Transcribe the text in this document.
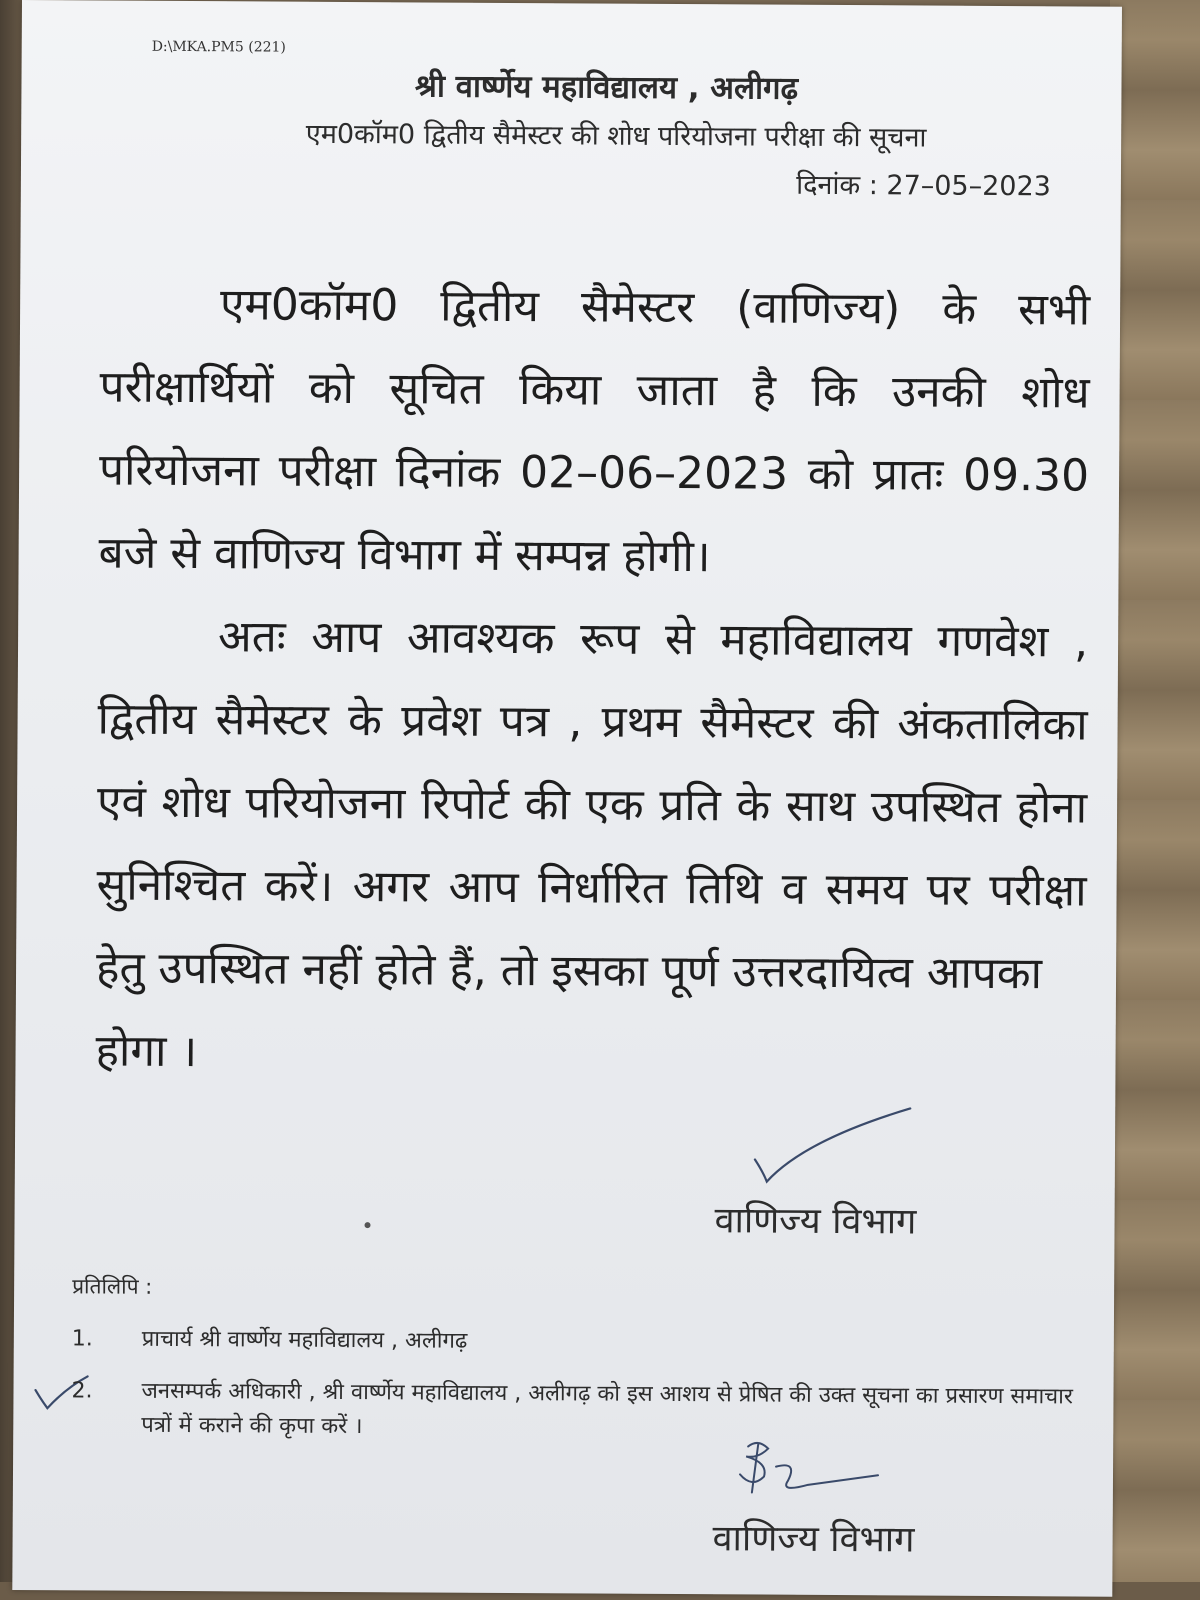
D:\MKA.PM5 (221)
श्री वार्ष्णेय महाविद्यालय , अलीगढ़
एम0कॉम0 द्वितीय सैमेस्टर की शोध परियोजना परीक्षा की सूचना
दिनांक : 27–05–2023

एम0कॉम0 द्वितीय सैमेस्टर (वाणिज्य) के सभी परीक्षार्थियों को सूचित किया जाता है कि उनकी शोध परियोजना परीक्षा दिनांक 02–06–2023 को प्रातः 09.30 बजे से वाणिज्य विभाग में सम्पन्न होगी।

अतः आप आवश्यक रूप से महाविद्यालय गणवेश , द्वितीय सैमेस्टर के प्रवेश पत्र , प्रथम सैमेस्टर की अंकतालिका एवं शोध परियोजना रिपोर्ट की एक प्रति के साथ उपस्थित होना सुनिश्चित करें। अगर आप निर्धारित तिथि व समय पर परीक्षा हेतु उपस्थित नहीं होते हैं, तो इसका पूर्ण उत्तरदायित्व आपका

होगा ।

वाणिज्य विभाग
प्रतिलिपि :
1.	प्राचार्य श्री वार्ष्णेय महाविद्यालय , अलीगढ़
2.	जनसम्पर्क अधिकारी , श्री वार्ष्णेय महाविद्यालय , अलीगढ़ को इस आशय से प्रेषित की उक्त सूचना का प्रसारण समाचार पत्रों में कराने की कृपा करें ।
वाणिज्य विभाग
